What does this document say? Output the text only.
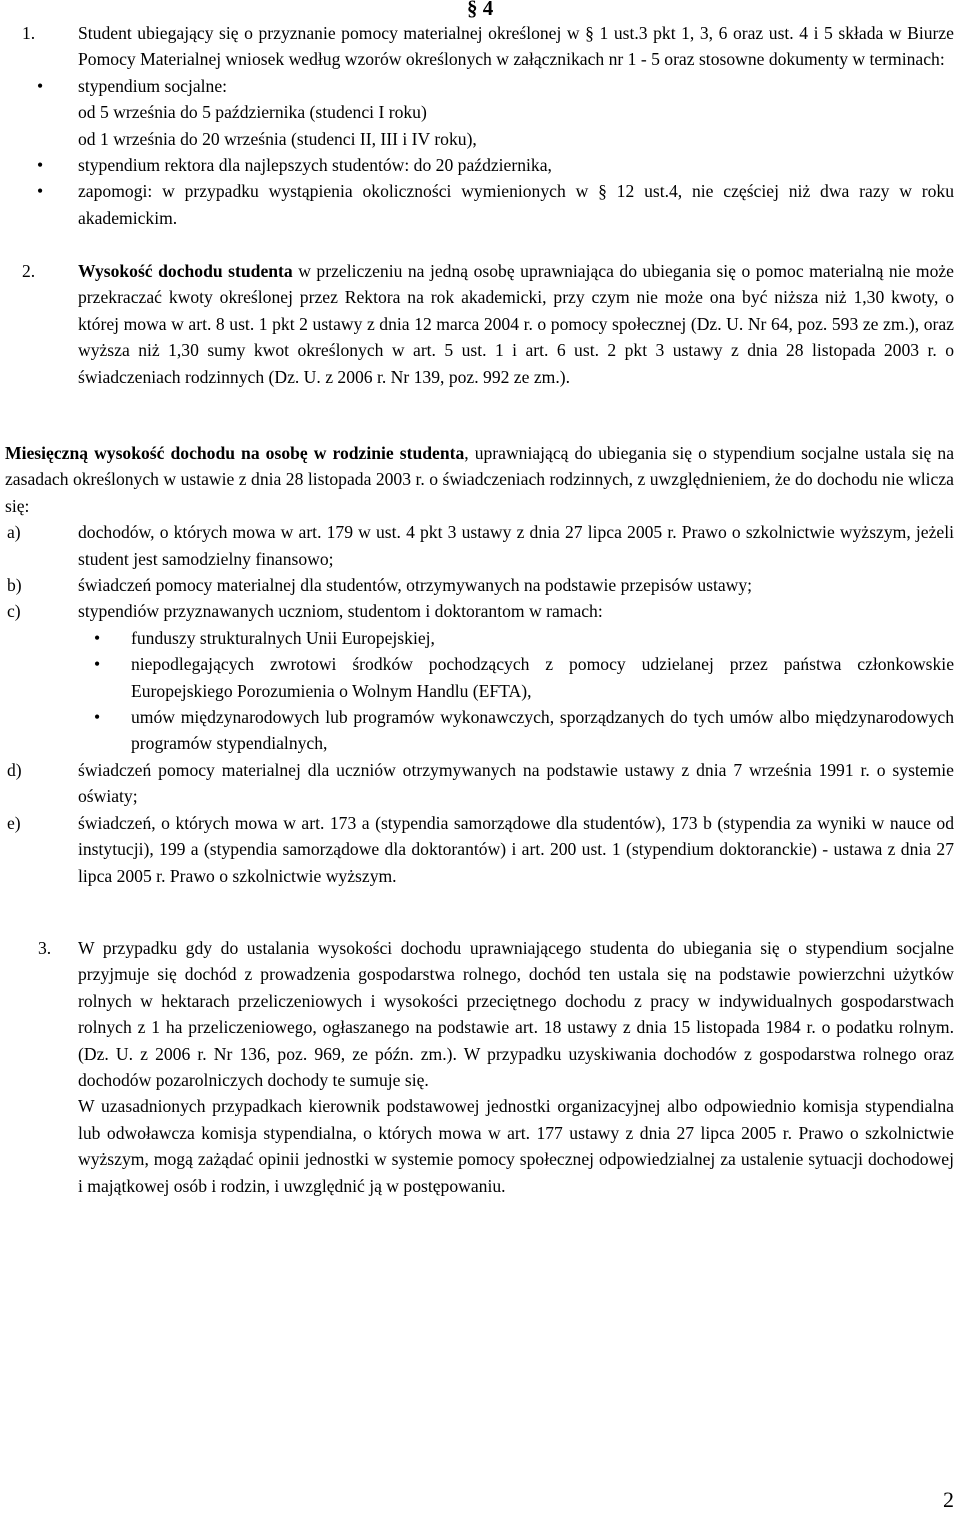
§ 4
1. Student ubiegający się o przyznanie pomocy materialnej określonej w § 1 ust.3 pkt 1, 3, 6 oraz ust. 4 i 5 składa w Biurze Pomocy Materialnej wniosek według wzorów określonych w załącznikach nr 1 - 5 oraz stosowne dokumenty w terminach:
• stypendium socjalne:
od 5 września do 5 października (studenci I roku)
od 1 września do 20 września (studenci II, III i IV roku),
• stypendium rektora dla najlepszych studentów: do 20 października,
• zapomogi: w przypadku wystąpienia okoliczności wymienionych w § 12 ust.4, nie częściej niż dwa razy w roku akademickim.
2. Wysokość dochodu studenta w przeliczeniu na jedną osobę uprawniająca do ubiegania się o pomoc materialną nie może przekraczać kwoty określonej przez Rektora na rok akademicki, przy czym nie może ona być niższa niż 1,30 kwoty, o której mowa w art. 8 ust. 1 pkt 2 ustawy z dnia 12 marca 2004 r. o pomocy społecznej (Dz. U. Nr 64, poz. 593 ze zm.), oraz wyższa niż 1,30 sumy kwot określonych w art. 5 ust. 1 i art. 6 ust. 2 pkt 3 ustawy z dnia 28 listopada 2003 r. o świadczeniach rodzinnych (Dz. U. z 2006 r. Nr 139, poz. 992 ze zm.).
Miesięczną wysokość dochodu na osobę w rodzinie studenta, uprawniającą do ubiegania się o stypendium socjalne ustala się na zasadach określonych w ustawie z dnia 28 listopada 2003 r. o świadczeniach rodzinnych, z uwzględnieniem, że do dochodu nie wlicza się:
a)	dochodów, o których mowa w art. 179 w ust. 4 pkt 3 ustawy z dnia 27 lipca 2005 r. Prawo o szkolnictwie wyższym, jeżeli student jest samodzielny finansowo;
b)	świadczeń pomocy materialnej dla studentów, otrzymywanych na podstawie przepisów ustawy;
c)	stypendiów przyznawanych uczniom, studentom i doktorantom w ramach:
• funduszy strukturalnych Unii Europejskiej,
• niepodlegających zwrotowi środków pochodzących z pomocy udzielanej przez państwa członkowskie Europejskiego Porozumienia o Wolnym Handlu (EFTA),
• umów międzynarodowych lub programów wykonawczych, sporządzanych do tych umów albo międzynarodowych programów stypendialnych,
d)	świadczeń pomocy materialnej dla uczniów otrzymywanych na podstawie ustawy z dnia 7 września 1991 r. o systemie oświaty;
e)	świadczeń, o których mowa w art. 173 a (stypendia samorządowe dla studentów), 173 b (stypendia za wyniki w nauce od instytucji), 199 a (stypendia samorządowe dla doktorantów) i art. 200 ust. 1 (stypendium doktoranckie) - ustawa z dnia 27 lipca 2005 r. Prawo o szkolnictwie wyższym.
3. W przypadku gdy do ustalania wysokości dochodu uprawniającego studenta do ubiegania się o stypendium socjalne przyjmuje się dochód z prowadzenia gospodarstwa rolnego, dochód ten ustala się na podstawie powierzchni użytków rolnych w hektarach przeliczeniowych i wysokości przeciętnego dochodu z pracy w indywidualnych gospodarstwach rolnych z 1 ha przeliczeniowego, ogłaszanego na podstawie art. 18 ustawy z dnia 15 listopada 1984 r. o podatku rolnym. (Dz. U. z 2006 r. Nr 136, poz. 969, ze późn. zm.). W przypadku uzyskiwania dochodów z gospodarstwa rolnego oraz dochodów pozarolniczych dochody te sumuje się.
W uzasadnionych przypadkach kierownik podstawowej jednostki organizacyjnej albo odpowiednio komisja stypendialna lub odwoławcza komisja stypendialna, o których mowa w art. 177 ustawy z dnia 27 lipca 2005 r. Prawo o szkolnictwie wyższym, mogą zażądać opinii jednostki w systemie pomocy społecznej odpowiedzialnej za ustalenie sytuacji dochodowej i majątkowej osób i rodzin, i uwzględnić ją w postępowaniu.
2
